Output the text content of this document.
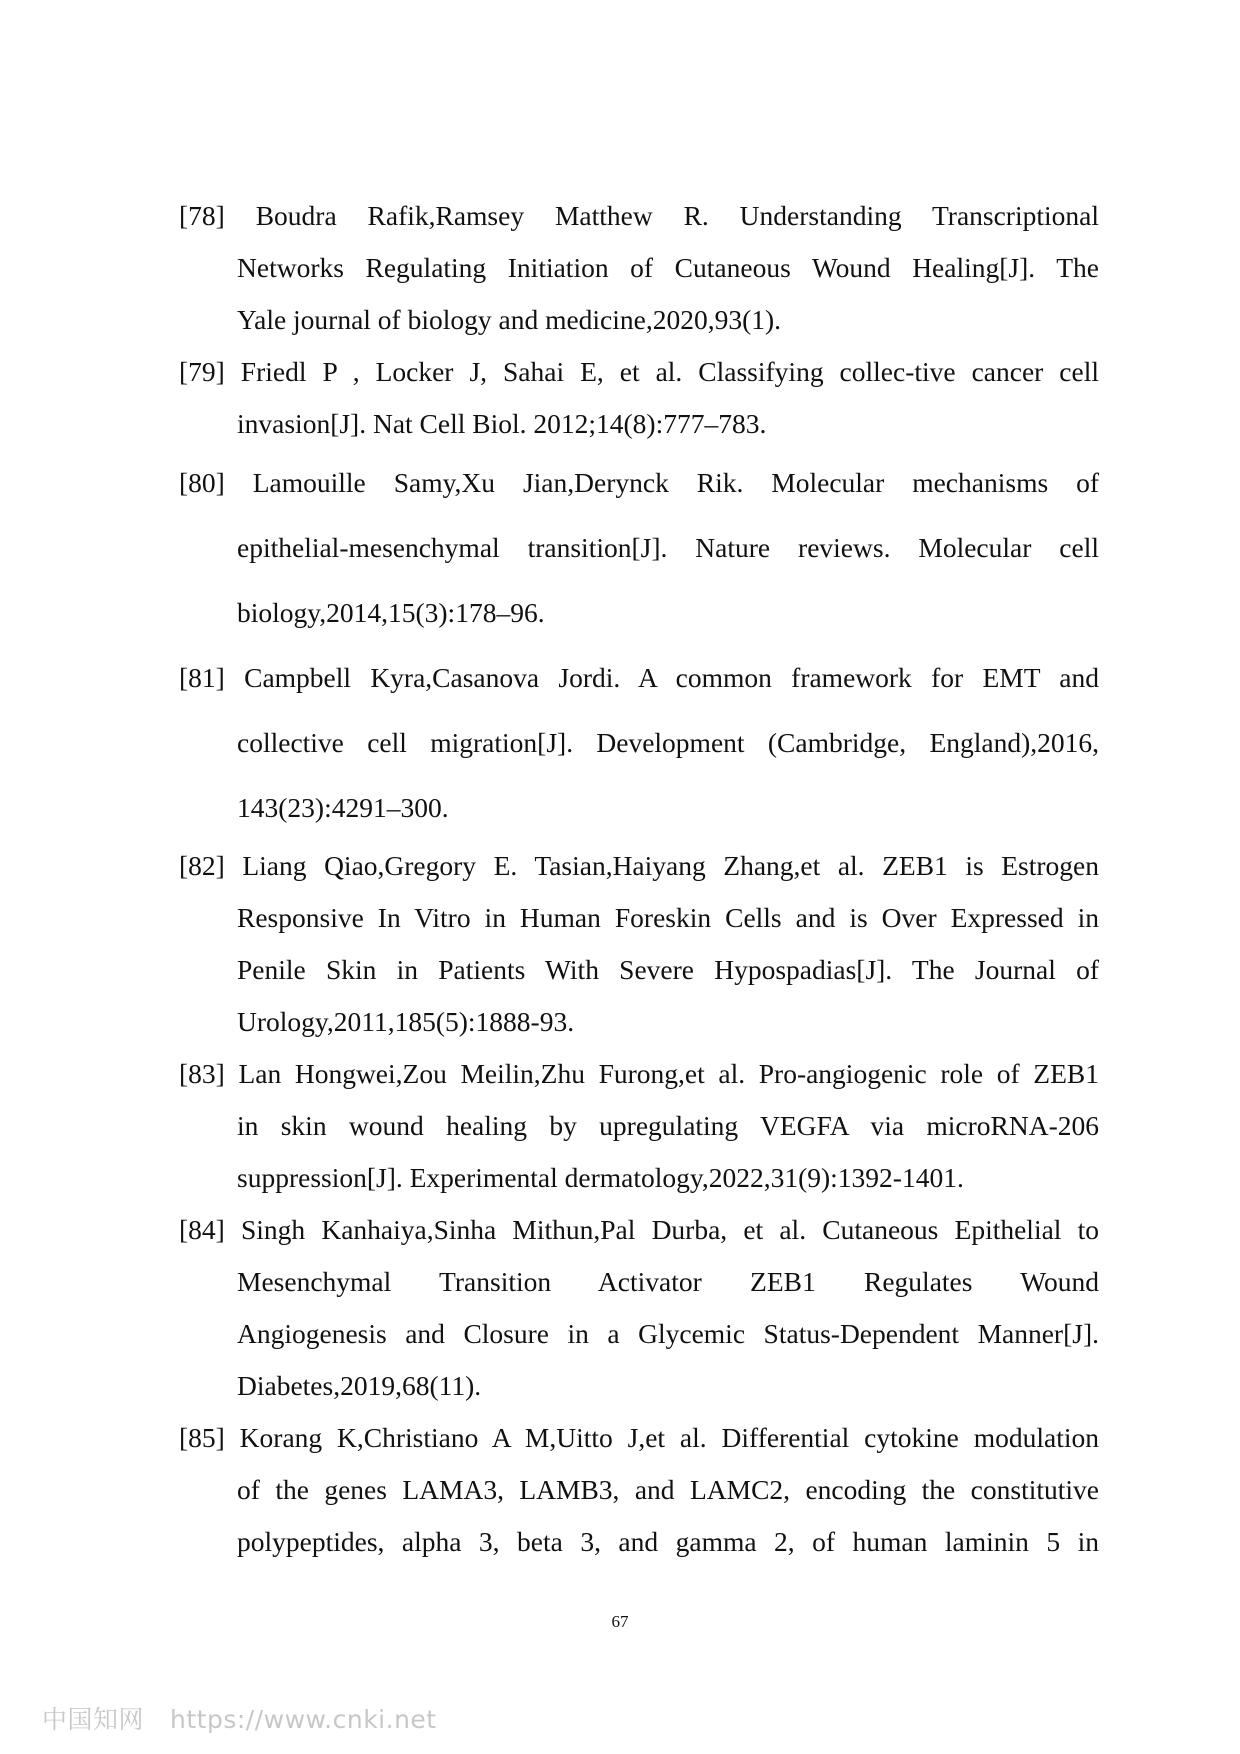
[78] Boudra Rafik,Ramsey Matthew R. Understanding Transcriptional
Networks Regulating Initiation of Cutaneous Wound Healing[J]. The
Yale journal of biology and medicine,2020,93(1).
[79] Friedl P , Locker J, Sahai E, et al. Classifying collec-tive cancer cell
invasion[J]. Nat Cell Biol. 2012;14(8):777–783.
[80] Lamouille Samy,Xu Jian,Derynck Rik. Molecular mechanisms of
epithelial-mesenchymal transition[J]. Nature reviews. Molecular cell
biology,2014,15(3):178–96.
[81] Campbell Kyra,Casanova Jordi. A common framework for EMT and
collective cell migration[J]. Development (Cambridge, England),2016,
143(23):4291–300.
[82] Liang Qiao,Gregory E. Tasian,Haiyang Zhang,et al. ZEB1 is Estrogen
Responsive In Vitro in Human Foreskin Cells and is Over Expressed in
Penile Skin in Patients With Severe Hypospadias[J]. The Journal of
Urology,2011,185(5):1888-93.
[83] Lan Hongwei,Zou Meilin,Zhu Furong,et al. Pro-angiogenic role of ZEB1
in skin wound healing by upregulating VEGFA via microRNA-206
suppression[J]. Experimental dermatology,2022,31(9):1392-1401.
[84] Singh Kanhaiya,Sinha Mithun,Pal Durba, et al. Cutaneous Epithelial to
Mesenchymal Transition Activator ZEB1 Regulates Wound
Angiogenesis and Closure in a Glycemic Status-Dependent Manner[J].
Diabetes,2019,68(11).
[85] Korang K,Christiano A M,Uitto J,et al. Differential cytokine modulation
of the genes LAMA3, LAMB3, and LAMC2, encoding the constitutive
polypeptides, alpha 3, beta 3, and gamma 2, of human laminin 5 in
67
中国知网 https://www.cnki.net
